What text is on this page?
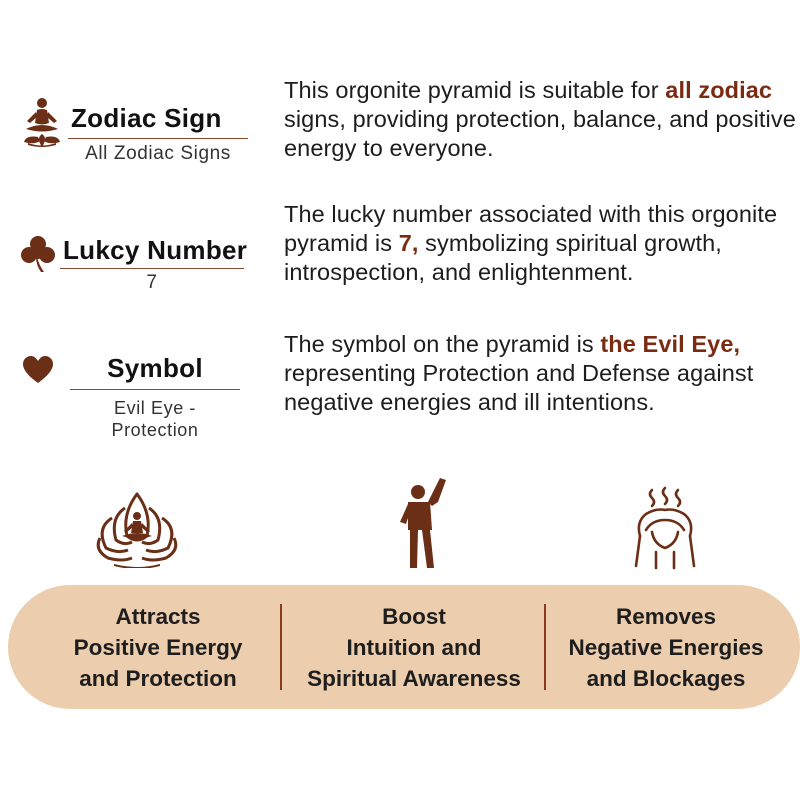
Zodiac Sign
All Zodiac Signs
This orgonite pyramid is suitable for all zodiac signs, providing protection, balance, and positive energy to everyone.
Lukcy Number
7
The lucky number associated with this orgonite pyramid is 7, symbolizing spiritual growth, introspection, and enlightenment.
Symbol
Evil Eye - Protection
The symbol on the pyramid is the Evil Eye, representing Protection and Defense against negative energies and ill intentions.
Attracts
Positive Energy
and Protection
Boost
Intuition and
Spiritual Awareness
Removes
Negative Energies
and Blockages
